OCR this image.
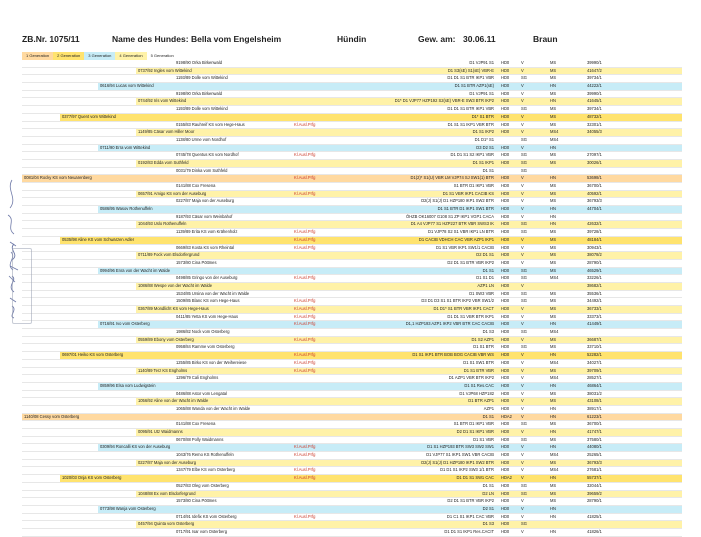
ZB.Nr. 1075/11	Name des Hundes: Bella vom Engelsheim	Hündin	Gew. am: 30.06.11	Braun
1 Generation	2 Generation	3 Generation	4 Generation	5 Generation
9198/90 Orka Birkenwald	D1 VJP91 S1 HD0	V	MS	39990/1
0737/92 Ingles vom Wittekind	D1 S3(sE) S1(sE) VBR-E HD0	V	MS	41647/2
1193/89 Dolle vom Wittekind	D1 D1 S1 BTR IKP1 VBR HD0	SG	MS	39734/1
0616/94 Lucas vom Wittekind	D1 S1 BTR AZP1(sE) HD0	V	HN	44222/1
9198/90 Orka Birkenwald	D1 VJP91 S1 HD0	V	MS	39990/1
0744/92 Iris vom Wittekind	D1* D1 VJP77 HZP192 S2(sE) VBR-E SW3 BTR IKP2 HD0	V	HN	41645/1
1193/89 Dolle vom Wittekind	D1 D1 S1 BTR IKP1 VBR HD0	SG	MS	39734/1
0377/97 Quent vom Wittekind	D1* S1 BTR HD0	V	MS	48732/1
0155/83 Rauhreif KS vom Hege-Haus	Kl.Ausl.Prfg	D1 S1 S1 IKP1 VBR BTR HD0	V	MS	32301/1
1149/85 Cäsar vom Hiller Moor	D1 S1 IKP2 HD0	V	MS4	34055/3
1138/80 Urme vom Nordhof	D1 D1* S1	SG	MS4
0711/90 Erra vom Wittekind	D3 D2 S1 HD0	V	HN
0745/78 Quentus KS vom Nordhof	Kl.Ausl.Prfg	D1 D1 S1 S2 IKP1 VBR HD0	SG	MS	27097/1
0192/83 Edda vom Suthfeld	D1 S1 IKP1 HD0	SG	MS	30026/1
0031/79 Dinka vom Suthfeld	D1 S1	SG
0081/04 Rocky KS vom Neuarenberg	Kl.Ausl.Prfg	D1(2)* S1(U) VBR LM VJP74 SJ SW1(1) BTR HD0	V	HN	53698/1
0141/88 Cox Fresena	S1 BTR D1 IKP1 VBR HD0	V	MS	36700/1
0657/91 Amigo KS vom der Auseburg	Kl.Ausl.Prfg	D1 S1 VBR IKP1 CACIB KS HD0	V	MS	40592/1
0227/87 Maja von der Auseburg	D2(J) S1(J) D1 HZP180 IKP1 SW2 BTR HD0	V	MS	36793/3
0586/95 Wasov Rothenuffeln	D1 S1 BTR D1 IKP1 SW1 BTR HD0	V	HN	44704/1
9187/93 Cäsar vom Weinbahof	ÖHZB OK16007 G108 S1 ZP IKP1 VGP1 CACA HD0	V	HN
1044/93 Uslo Rothenuffeln	D1 A4 VJP77 S1 HZP227 BTR VBR SWS3 IK HD0	SG	HN	42632/1
1139/89 Erita KS vom Krähenholz	Kl.Ausl.Prfg	D1 VJP78 S2 S1 VBR IKP1 LN BTR HD0	SG	MS	39728/1
0535/98 Aline KS vom Schwarzen Adler	Kl.Ausl.Prfg	D1 CACIB VDHCH CAC VBR AZP1 IKP1 HD0	V	MS	48184/1
0669/83 Kosta KS vom Rheintal	Kl.Ausl.Prfg	D1 S1 VBR IKP1 SW1/1 CACIB HD0	V	MS	30943/1
0711/89 Fock vom Elsdorfergrund	D2 D1 S1 HD0	V	MS	38078/2
1573/80 Cina Pöttmes	D2 D1 S1 BTR VBR IKP2 HD0	V	MS	28790/1
0994/96 Enra von der Wacht im Walde	D1 S1 HD0	SG	MS	46529/1
0498/85 Gringo von der Auseburg	Kl.Ausl.Prfg	D1 S1 D1 HD0	SG	MS4	33226/1
1086/88 Wespe von der Wacht im Walde	AZP1 LN HD0	V	38682/1
1534/85 Ursina von der Wacht im Walde	D1 SW3 VBR HD0	SG	MS	35536/1
1509/85 Blanc KS vom Hege-Haus	Kl.Ausl.Prfg	D3 D1 D3 S1 S1 BTR IKP2 VBR SW1/2 HD0	SG	MS	34492/1
0367/89 Mondlicht KS vom Hege-Haus	Kl.Ausl.Prfg	D1 D1* S1 BTR VBR IKP1 CACT HD0	V	MS	36733/1
0411/85 Yetta KS vom Hege-Haus	Kl.Ausl.Prfg	D1 D1 S1 VBR BTR IKP1 HD0	V	MS	33373/1
0716/91 Ivo vom Osterberg	Kl.Ausl.Prfg	D1,1 HZP193 AZP1 IKP2 VBR BTR CAC CACIB HD0	V	HN	41449/1
1986/82 Nock vom Osterberg	D1 S3 HD0	SG	MS4
0559/89 Ebony vom Osterberg	Kl.Ausl.Prfg	D1 S2 AZP1 HD0	V	MS	36687/1
0958/84 Ramme vom Osterberg	D1 S1 BTR HD0	SG	MS	33710/1
0697/01 Heiko KS vom Osterberg	Kl.Ausl.Prfg	D1 S1 IKP1 BTR BOB BOG CACIB VBR WS HD0	V	HN	52282/1
1255/85 Birko KS von der Weihereiese	Kl.Ausl.Prfg	D1 S1 SW1 BTR HD0	V	MS4	34027/1
1140/89 Terz KS Engholms	Kl.Ausl.Prfg	D1 S1 BTR VBR HD0	V	MS	39709/1
1296/79 Cali Engholms	D1 AZP1 VBR BTR IKP2 HD0	V	MS4	28527/1
0859/96 Elsa vom Ludwigstein	D1 S1 Res.CAC HD0	V	HN	46864/1
0486/88 Astor vom Lengatal	D1 VJP68 HZP182 HD0	V	MS	38031/2
1056/92 Aline von der Wacht im Walde	D1 BTR AZP1 HD0	V	MS	43108/1
1065/88 Wanda von der Wacht im Walde	AZP1 HD0	V	HN	38917/1
1140/08 Cessy vom Osterberg	D1 S1 HDA2 V	HN	61223/1
0141/88 Cox Fresena	S1 BTR D1 IKP1 VBR HD0	SG	MS	36700/1
0095/91 Utz Waidmanns	D2 D1 S1 IKP1 VBR HD0	V	HN	41747/1
0670/88 Polly Waidmanns	D1 S1 VBR HD0	SG	MS	37580/1
0309/94 Roncalli KS von der Auseburg	Kl.Ausl.Prfg	D1 S1 HZP193 BTR SW3 SW2 SW1 HD0	V	HN	44080/1
1043/76 Remo KS Rothenuffeln	Kl.Ausl.Prfg	D1 VJP77 S1 IKP1 SW1 VBR CACIB HD0	V	MS4	25265/1
0227/87 Maja von der Auseburg	D2(J) S1(J) D1 HZP180 IKP1 SW2 BTR HD0	V	MS	36793/3
1347/79 Elbe KS vom Osterberg	Kl.Ausl.Prfg	D1 D1 S1 IKP2 SW3 1/1 BTR HD0	V	MS4	27681/1
1020/03 Onja KS vom Osterberg	Kl.Ausl.Prfg	D1 D1 S1 SW1 CAC HDA2 V	HN	55737/1
0527/83 Oleg vom Osterberg	D1 S1 HD0	SG	MS	32044/1
1048/88 Ex vom Elsdorfergrund	D2 LN HD0	SG	MS	39659/2
1573/80 Cina Pöttmes	D2 D1 S1 BTR VBR IKP2 HD0	V	MS	28790/1
0773/98 Wanja vom Osterberg	D2 S1 HD0	V	HN
0714/91 Idefix KS vom Osterberg	Kl.Ausl.Prfg	D1 C1 S1 IKP1 CAC VBR HD0	V	HN	41825/1
0457/94 Quinta vom Osterberg	D1 S3 HD0	SG
0717/91 Isar vom Osterberg	D1 D1 S1 IKP1 Res.CACIT HD0	V	HN	41826/1
